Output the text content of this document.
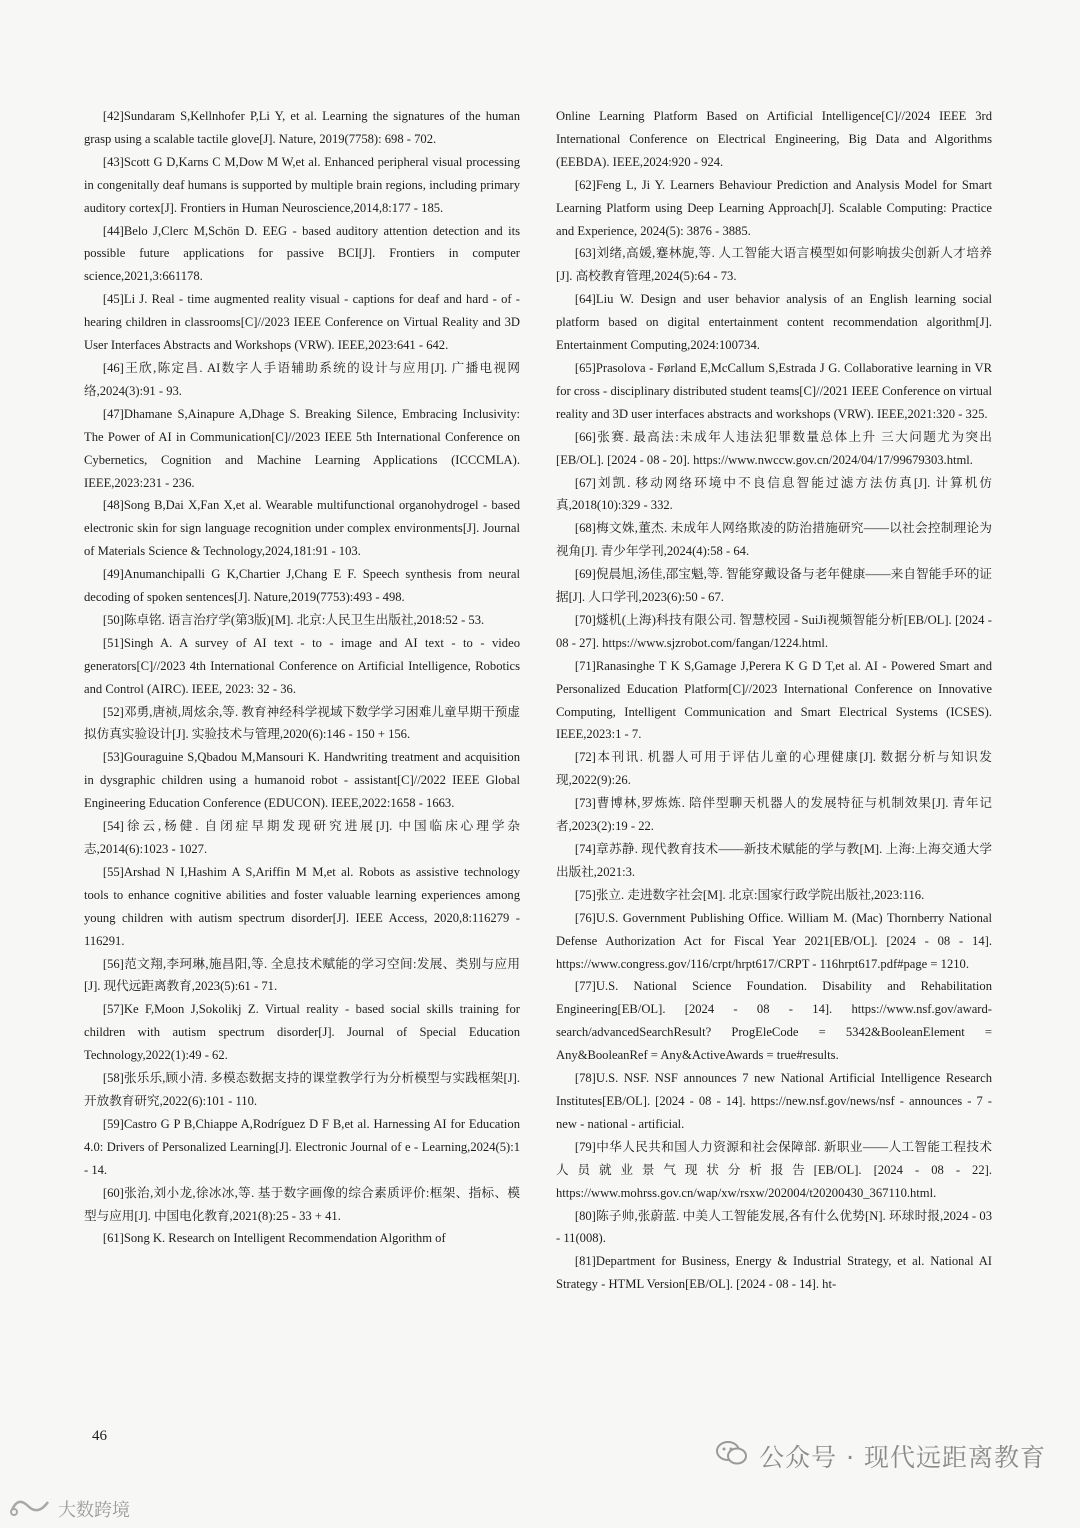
[42]Sundaram S,Kellnhofer P,Li Y, et al. Learning the signatures of the human grasp using a scalable tactile glove[J]. Nature, 2019(7758): 698 - 702.

[43]Scott G D,Karns C M,Dow M W,et al. Enhanced peripheral visual processing in congenitally deaf humans is supported by multiple brain regions, including primary auditory cortex[J]. Frontiers in Human Neuroscience,2014,8:177 - 185.

[44]Belo J,Clerc M,Schön D. EEG - based auditory attention detection and its possible future applications for passive BCI[J]. Frontiers in computer science,2021,3:661178.

[45]Li J. Real - time augmented reality visual - captions for deaf and hard - of - hearing children in classrooms[C]//2023 IEEE Conference on Virtual Reality and 3D User Interfaces Abstracts and Workshops (VRW). IEEE,2023:641 - 642.

[46]王欣,陈定昌. AI数字人手语辅助系统的设计与应用[J]. 广播电视网络,2024(3):91 - 93.

[47]Dhamane S,Ainapure A,Dhage S. Breaking Silence, Embracing Inclusivity: The Power of AI in Communication[C]//2023 IEEE 5th International Conference on Cybernetics, Cognition and Machine Learning Applications (ICCCMLA). IEEE,2023:231 - 236.

[48]Song B,Dai X,Fan X,et al. Wearable multifunctional organohydrogel - based electronic skin for sign language recognition under complex environments[J]. Journal of Materials Science & Technology,2024,181:91 - 103.

[49]Anumanchipalli G K,Chartier J,Chang E F. Speech synthesis from neural decoding of spoken sentences[J]. Nature,2019(7753):493 - 498.

[50]陈卓铭. 语言治疗学(第3版)[M]. 北京:人民卫生出版社,2018:52 - 53.

[51]Singh A. A survey of AI text - to - image and AI text - to - video generators[C]//2023 4th International Conference on Artificial Intelligence, Robotics and Control (AIRC). IEEE, 2023: 32 - 36.

[52]邓勇,唐祯,周炫余,等. 教育神经科学视域下数学学习困难儿童早期干预虚拟仿真实验设计[J]. 实验技术与管理,2020(6):146 - 150 + 156.

[53]Gouraguine S,Qbadou M,Mansouri K. Handwriting treatment and acquisition in dysgraphic children using a humanoid robot - assistant[C]//2022 IEEE Global Engineering Education Conference (EDUCON). IEEE,2022:1658 - 1663.

[54]徐云,杨健. 自闭症早期发现研究进展[J]. 中国临床心理学杂志,2014(6):1023 - 1027.

[55]Arshad N I,Hashim A S,Ariffin M M,et al. Robots as assistive technology tools to enhance cognitive abilities and foster valuable learning experiences among young children with autism spectrum disorder[J]. IEEE Access, 2020,8:116279 - 116291.

[56]范文翔,李珂琳,施昌阳,等. 全息技术赋能的学习空间:发展、类别与应用[J]. 现代远距离教育,2023(5):61 - 71.

[57]Ke F,Moon J,Sokolikj Z. Virtual reality - based social skills training for children with autism spectrum disorder[J]. Journal of Special Education Technology,2022(1):49 - 62.

[58]张乐乐,顾小清. 多模态数据支持的课堂教学行为分析模型与实践框架[J]. 开放教育研究,2022(6):101 - 110.

[59]Castro G P B,Chiappe A,Rodríguez D F B,et al. Harnessing AI for Education 4.0: Drivers of Personalized Learning[J]. Electronic Journal of e - Learning,2024(5):1 - 14.

[60]张治,刘小龙,徐冰冰,等. 基于数字画像的综合素质评价:框架、指标、模型与应用[J]. 中国电化教育,2021(8):25 - 33 + 41.

[61]Song K. Research on Intelligent Recommendation Algorithm of

Online Learning Platform Based on Artificial Intelligence[C]//2024 IEEE 3rd International Conference on Electrical Engineering, Big Data and Algorithms (EEBDA). IEEE,2024:920 - 924.

[62]Feng L, Ji Y. Learners Behaviour Prediction and Analysis Model for Smart Learning Platform using Deep Learning Approach[J]. Scalable Computing: Practice and Experience, 2024(5): 3876 - 3885.

[63]刘绪,高媛,蹇林旎,等. 人工智能大语言模型如何影响拔尖创新人才培养[J]. 高校教育管理,2024(5):64 - 73.

[64]Liu W. Design and user behavior analysis of an English learning social platform based on digital entertainment content recommendation algorithm[J]. Entertainment Computing,2024:100734.

[65]Prasolova - Førland E,McCallum S,Estrada J G. Collaborative learning in VR for cross - disciplinary distributed student teams[C]//2021 IEEE Conference on virtual reality and 3D user interfaces abstracts and workshops (VRW). IEEE,2021:320 - 325.

[66]张赛. 最高法:未成年人违法犯罪数量总体上升 三大问题尤为突出[EB/OL]. [2024 - 08 - 20]. https://www.nwccw.gov.cn/2024/04/17/99679303.html.

[67]刘凯. 移动网络环境中不良信息智能过滤方法仿真[J]. 计算机仿真,2018(10):329 - 332.

[68]梅文姝,董杰. 未成年人网络欺凌的防治措施研究——以社会控制理论为视角[J]. 青少年学刊,2024(4):58 - 64.

[69]倪晨旭,汤佳,邵宝魁,等. 智能穿戴设备与老年健康——来自智能手环的证据[J]. 人口学刊,2023(6):50 - 67.

[70]燧机(上海)科技有限公司. 智慧校园 - SuiJi视频智能分析[EB/OL]. [2024 - 08 - 27]. https://www.sjzrobot.com/fangan/1224.html.

[71]Ranasinghe T K S,Gamage J,Perera K G D T,et al. AI - Powered Smart and Personalized Education Platform[C]//2023 International Conference on Innovative Computing, Intelligent Communication and Smart Electrical Systems (ICSES). IEEE,2023:1 - 7.

[72]本刊讯. 机器人可用于评估儿童的心理健康[J]. 数据分析与知识发现,2022(9):26.

[73]曹博林,罗炼炼. 陪伴型聊天机器人的发展特征与机制效果[J]. 青年记者,2023(2):19 - 22.

[74]章苏静. 现代教育技术——新技术赋能的学与教[M]. 上海:上海交通大学出版社,2021:3.

[75]张立. 走进数字社会[M]. 北京:国家行政学院出版社,2023:116.

[76]U.S. Government Publishing Office. William M. (Mac) Thornberry National Defense Authorization Act for Fiscal Year 2021[EB/OL]. [2024 - 08 - 14]. https://www.congress.gov/116/crpt/hrpt617/CRPT - 116hrpt617.pdf#page = 1210.

[77]U.S. National Science Foundation. Disability and Rehabilitation Engineering[EB/OL]. [2024 - 08 - 14]. https://www.nsf.gov/award-search/advancedSearchResult? ProgEleCode = 5342&BooleanElement = Any&BooleanRef = Any&ActiveAwards = true#results.

[78]U.S. NSF. NSF announces 7 new National Artificial Intelligence Research Institutes[EB/OL]. [2024 - 08 - 14]. https://new.nsf.gov/news/nsf - announces - 7 - new - national - artificial.

[79]中华人民共和国人力资源和社会保障部. 新职业——人工智能工程技术人员就业景气现状分析报告[EB/OL]. [2024 - 08 - 22]. https://www.mohrss.gov.cn/wap/xw/rsxw/202004/t20200430_367110.html.

[80]陈子帅,张蔚蓝. 中美人工智能发展,各有什么优势[N]. 环球时报,2024 - 03 - 11(008).

[81]Department for Business, Energy & Industrial Strategy, et al. National AI Strategy - HTML Version[EB/OL]. [2024 - 08 - 14]. ht-

46
公众号 · 现代远距离教育
大数跨境
